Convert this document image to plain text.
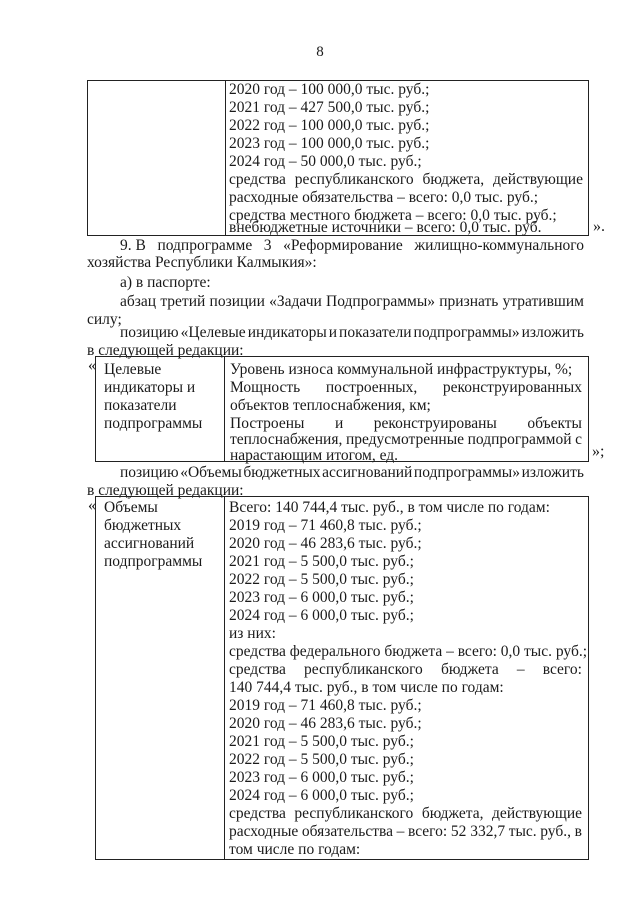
8
2020 год – 100 000,0 тыс. руб.;
2021 год – 427 500,0 тыс. руб.;
2022 год – 100 000,0 тыс. руб.;
2023 год – 100 000,0 тыс. руб.;
2024 год – 50 000,0 тыс. руб.;
средства республиканского бюджета, действующие
расходные обязательства – всего: 0,0 тыс. руб.;
средства местного бюджета – всего: 0,0 тыс. руб.;
внебюджетные источники – всего: 0,0 тыс. руб.	».
9. В подпрограмме 3 «Реформирование жилищно-коммунального
хозяйства Республики Калмыкия»:
а) в паспорте:
абзац третий позиции «Задачи Подпрограммы» признать утратившим
силу;
позицию «Целевые индикаторы и показатели подпрограммы» изложить
в следующей редакции:
« Целевые
индикаторы и
показатели
подпрограммы
Уровень износа коммунальной инфраструктуры, %;
Мощность построенных, реконструированных
объектов теплоснабжения, км;
Построены и реконструированы объекты
теплоснабжения, предусмотренные подпрограммой с
нарастающим итогом, ед.	»;
позицию «Объемы бюджетных ассигнований подпрограммы» изложить
в следующей редакции:
« Объемы
бюджетных
ассигнований
подпрограммы
Всего: 140 744,4 тыс. руб., в том числе по годам:
2019 год – 71 460,8 тыс. руб.;
2020 год – 46 283,6 тыс. руб.;
2021 год – 5 500,0 тыс. руб.;
2022 год – 5 500,0 тыс. руб.;
2023 год – 6 000,0 тыс. руб.;
2024 год – 6 000,0 тыс. руб.;
из них:
средства федерального бюджета – всего: 0,0 тыс. руб.;
средства республиканского бюджета – всего:
140 744,4 тыс. руб., в том числе по годам:
2019 год – 71 460,8 тыс. руб.;
2020 год – 46 283,6 тыс. руб.;
2021 год – 5 500,0 тыс. руб.;
2022 год – 5 500,0 тыс. руб.;
2023 год – 6 000,0 тыс. руб.;
2024 год – 6 000,0 тыс. руб.;
средства республиканского бюджета, действующие
расходные обязательства – всего: 52 332,7 тыс. руб., в
том числе по годам:
